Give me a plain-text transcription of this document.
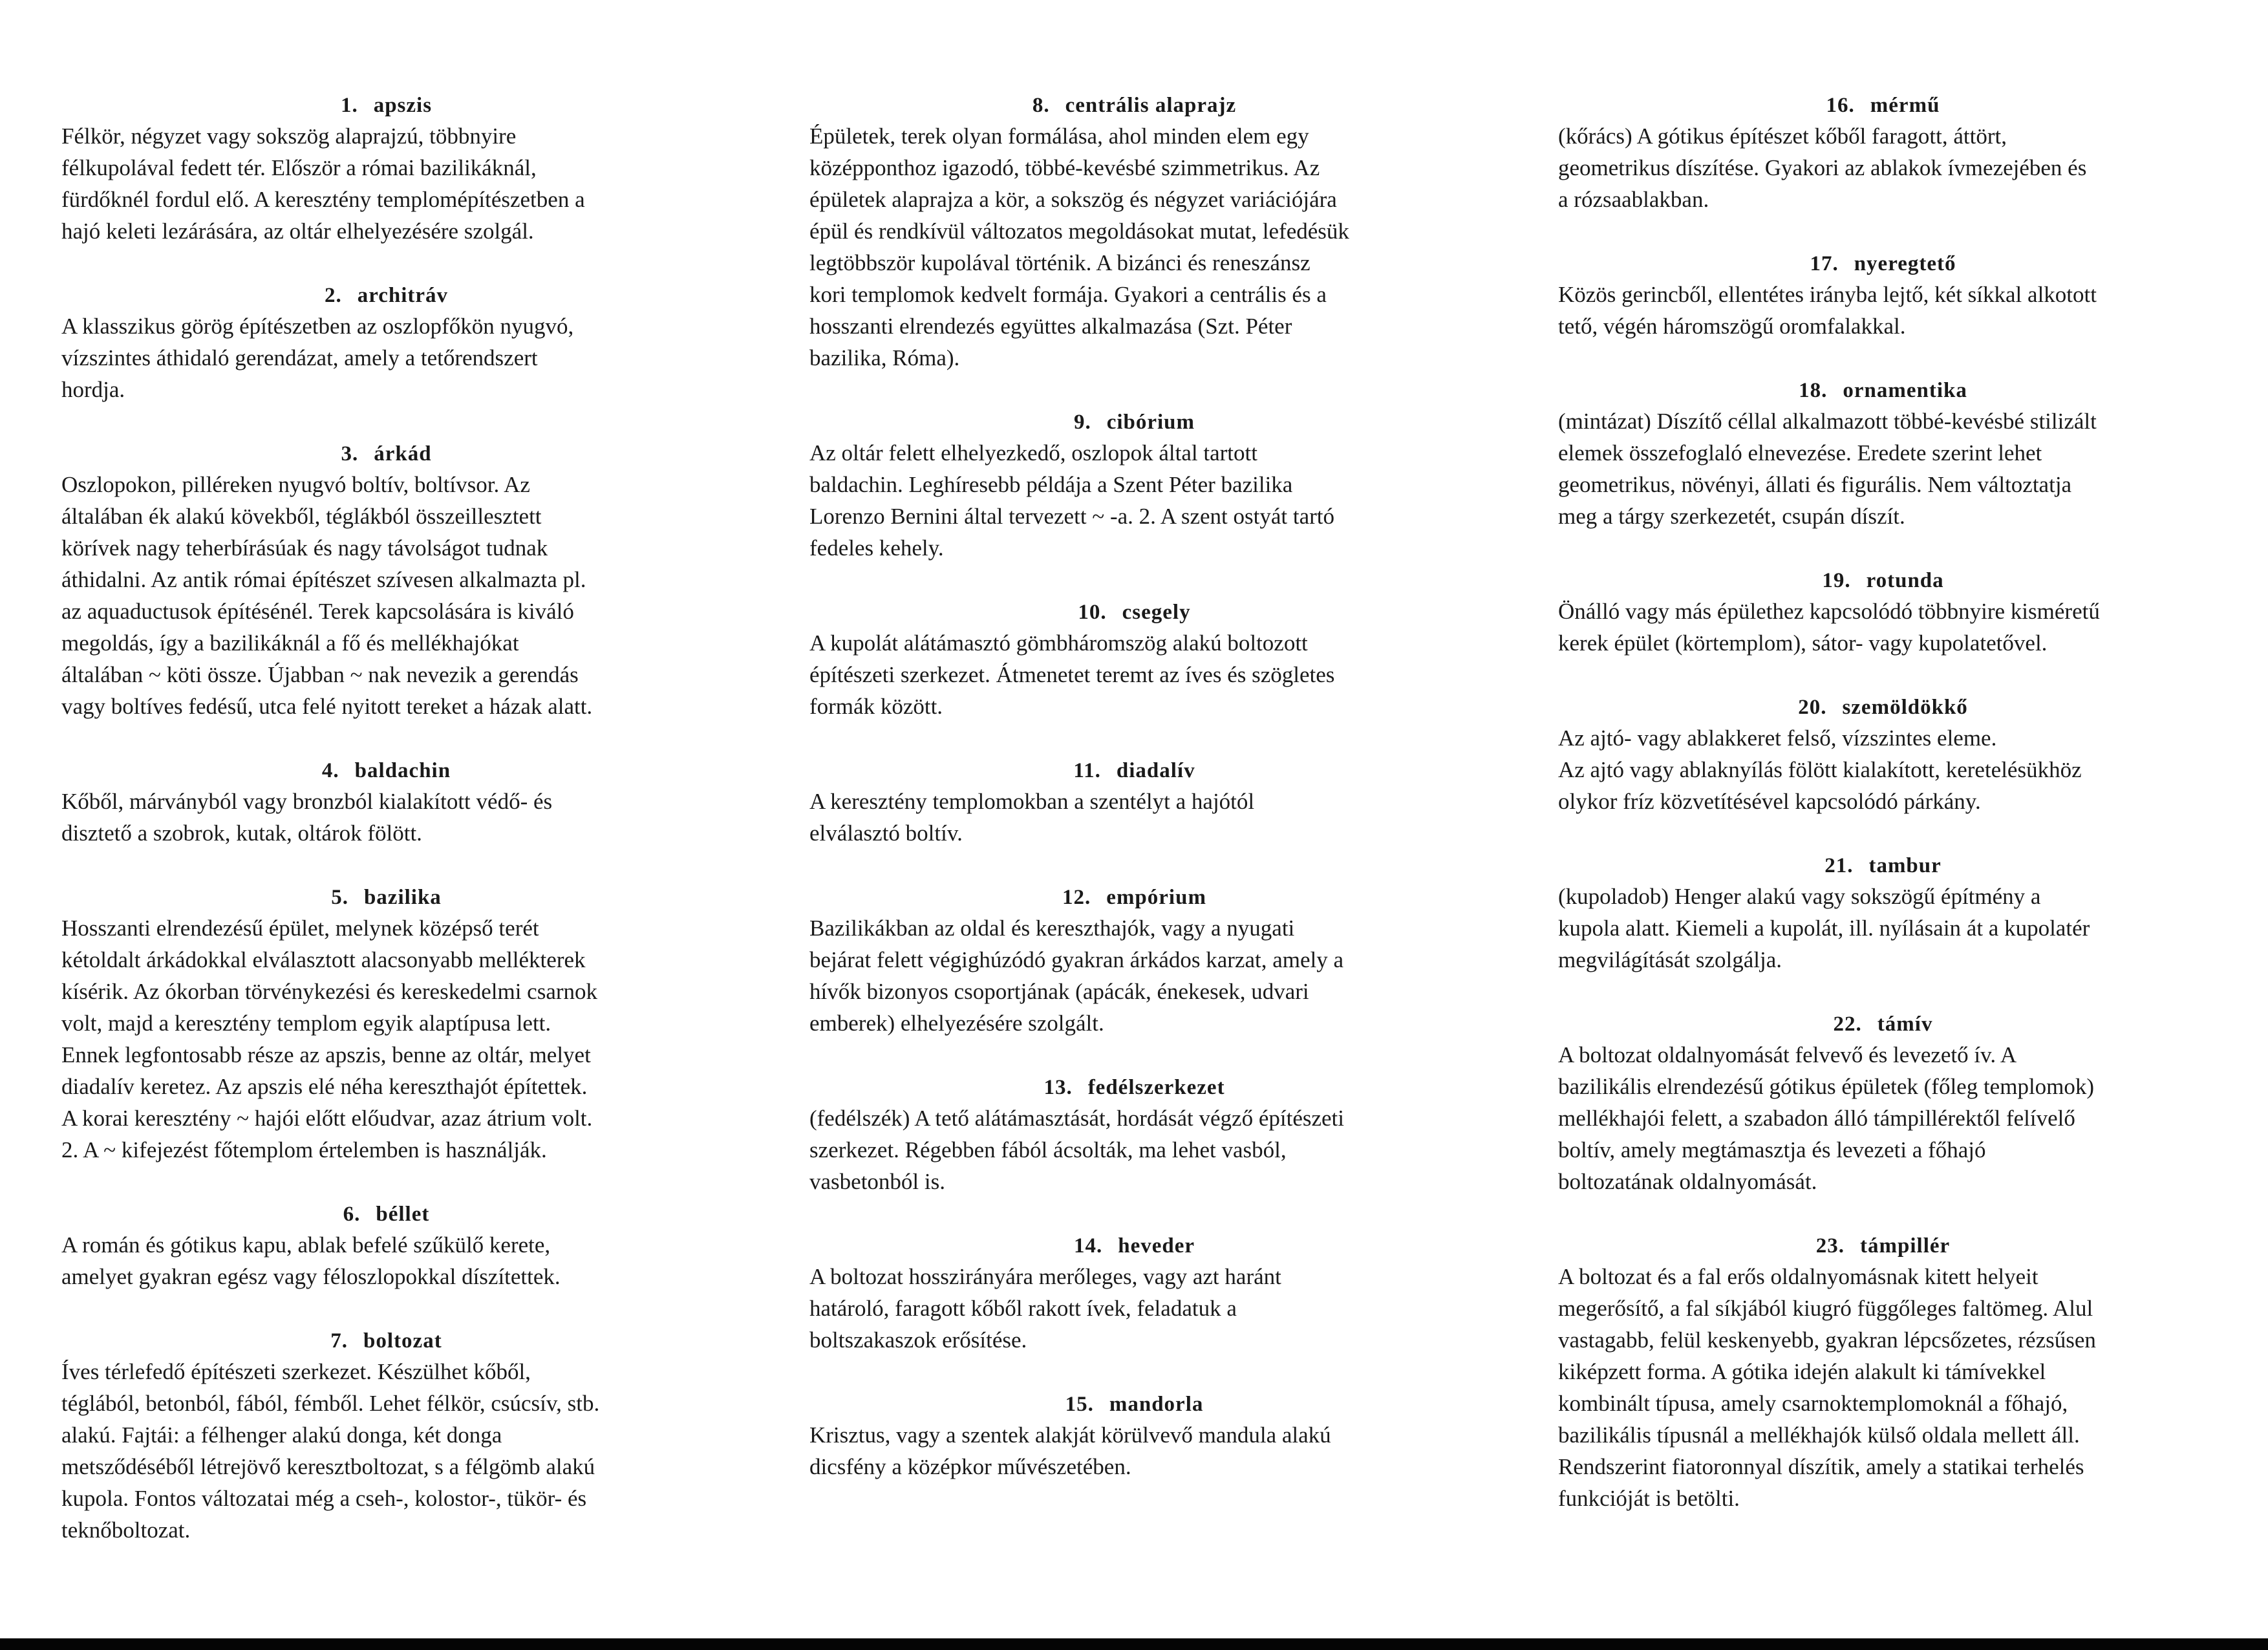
1. apszis
Félkör, négyzet vagy sokszög alaprajzú, többnyire
félkupolával fedett tér. Először a római bazilikáknál,
fürdőknél fordul elő. A keresztény templomépítészetben a
hajó keleti lezárására, az oltár elhelyezésére szolgál.
2. architráv
A klasszikus görög építészetben az oszlopfőkön nyugvó,
vízszintes áthidaló gerendázat, amely a tetőrendszert
hordja.
3. árkád
Oszlopokon, pilléreken nyugvó boltív, boltívsor. Az
általában ék alakú kövekből, téglákból összeillesztett
körívek nagy teherbírásúak és nagy távolságot tudnak
áthidalni. Az antik római építészet szívesen alkalmazta pl.
az aquaductusok építésénél. Terek kapcsolására is kiváló
megoldás, így a bazilikáknál a fő és mellékhajókat
általában ~ köti össze. Újabban ~ nak nevezik a gerendás
vagy boltíves fedésű, utca felé nyitott tereket a házak alatt.
4. baldachin
Kőből, márványból vagy bronzból kialakított védő- és
disztető a szobrok, kutak, oltárok fölött.
5. bazilika
Hosszanti elrendezésű épület, melynek középső terét
kétoldalt árkádokkal elválasztott alacsonyabb mellékterek
kísérik. Az ókorban törvénykezési és kereskedelmi csarnok
volt, majd a keresztény templom egyik alaptípusa lett.
Ennek legfontosabb része az apszis, benne az oltár, melyet
diadalív keretez. Az apszis elé néha kereszthajót építettek.
A korai keresztény ~ hajói előtt előudvar, azaz átrium volt.
2. A ~ kifejezést főtemplom értelemben is használják.
6. béllet
A román és gótikus kapu, ablak befelé szűkülő kerete,
amelyet gyakran egész vagy féloszlopokkal díszítettek.
7. boltozat
Íves térlefedő építészeti szerkezet. Készülhet kőből,
téglából, betonból, fából, fémből. Lehet félkör, csúcsív, stb.
alakú. Fajtái: a félhenger alakú donga, két donga
metsződéséből létrejövő keresztboltozat, s a félgömb alakú
kupola. Fontos változatai még a cseh-, kolostor-, tükör- és
teknőboltozat.
8. centrális alaprajz
Épületek, terek olyan formálása, ahol minden elem egy
középponthoz igazodó, többé-kevésbé szimmetrikus. Az
épületek alaprajza a kör, a sokszög és négyzet variációjára
épül és rendkívül változatos megoldásokat mutat, lefedésük
legtöbbször kupolával történik. A bizánci és reneszánsz
kori templomok kedvelt formája. Gyakori a centrális és a
hosszanti elrendezés együttes alkalmazása (Szt. Péter
bazilika, Róma).
9. cibórium
Az oltár felett elhelyezkedő, oszlopok által tartott
baldachin. Leghíresebb példája a Szent Péter bazilika
Lorenzo Bernini által tervezett ~ -a. 2. A szent ostyát tartó
fedeles kehely.
10. csegely
A kupolát alátámasztó gömbháromszög alakú boltozott
építészeti szerkezet. Átmenetet teremt az íves és szögletes
formák között.
11. diadalív
A keresztény templomokban a szentélyt a hajótól
elválasztó boltív.
12. empórium
Bazilikákban az oldal és kereszthajók, vagy a nyugati
bejárat felett végighúzódó gyakran árkádos karzat, amely a
hívők bizonyos csoportjának (apácák, énekesek, udvari
emberek) elhelyezésére szolgált.
13. fedélszerkezet
(fedélszék) A tető alátámasztását, hordását végző építészeti
szerkezet. Régebben fából ácsolták, ma lehet vasból,
vasbetonból is.
14. heveder
A boltozat hosszirányára merőleges, vagy azt haránt
határoló, faragott kőből rakott ívek, feladatuk a
boltszakaszok erősítése.
15. mandorla
Krisztus, vagy a szentek alakját körülvevő mandula alakú
dicsfény a középkor művészetében.
16. mérmű
(kőrács) A gótikus építészet kőből faragott, áttört,
geometrikus díszítése. Gyakori az ablakok ívmezejében és
a rózsaablakban.
17. nyeregtető
Közös gerincből, ellentétes irányba lejtő, két síkkal alkotott
tető, végén háromszögű oromfalakkal.
18. ornamentika
(mintázat) Díszítő céllal alkalmazott többé-kevésbé stilizált
elemek összefoglaló elnevezése. Eredete szerint lehet
geometrikus, növényi, állati és figurális. Nem változtatja
meg a tárgy szerkezetét, csupán díszít.
19. rotunda
Önálló vagy más épülethez kapcsolódó többnyire kisméretű
kerek épület (körtemplom), sátor- vagy kupolatetővel.
20. szemöldökkő
Az ajtó- vagy ablakkeret felső, vízszintes eleme.
Az ajtó vagy ablaknyílás fölött kialakított, keretelésükhöz
olykor fríz közvetítésével kapcsolódó párkány.
21. tambur
(kupoladob) Henger alakú vagy sokszögű építmény a
kupola alatt. Kiemeli a kupolát, ill. nyílásain át a kupolatér
megvilágítását szolgálja.
22. támív
A boltozat oldalnyomását felvevő és levezető ív. A
bazilikális elrendezésű gótikus épületek (főleg templomok)
mellékhajói felett, a szabadon álló támpillérektől felívelő
boltív, amely megtámasztja és levezeti a főhajó
boltozatának oldalnyomását.
23. támpillér
A boltozat és a fal erős oldalnyomásnak kitett helyeit
megerősítő, a fal síkjából kiugró függőleges faltömeg. Alul
vastagabb, felül keskenyebb, gyakran lépcsőzetes, rézsűsen
kiképzett forma. A gótika idején alakult ki támívekkel
kombinált típusa, amely csarnoktemplomoknál a főhajó,
bazilikális típusnál a mellékhajók külső oldala mellett áll.
Rendszerint fiatoronnyal díszítik, amely a statikai terhelés
funkcióját is betölti.
